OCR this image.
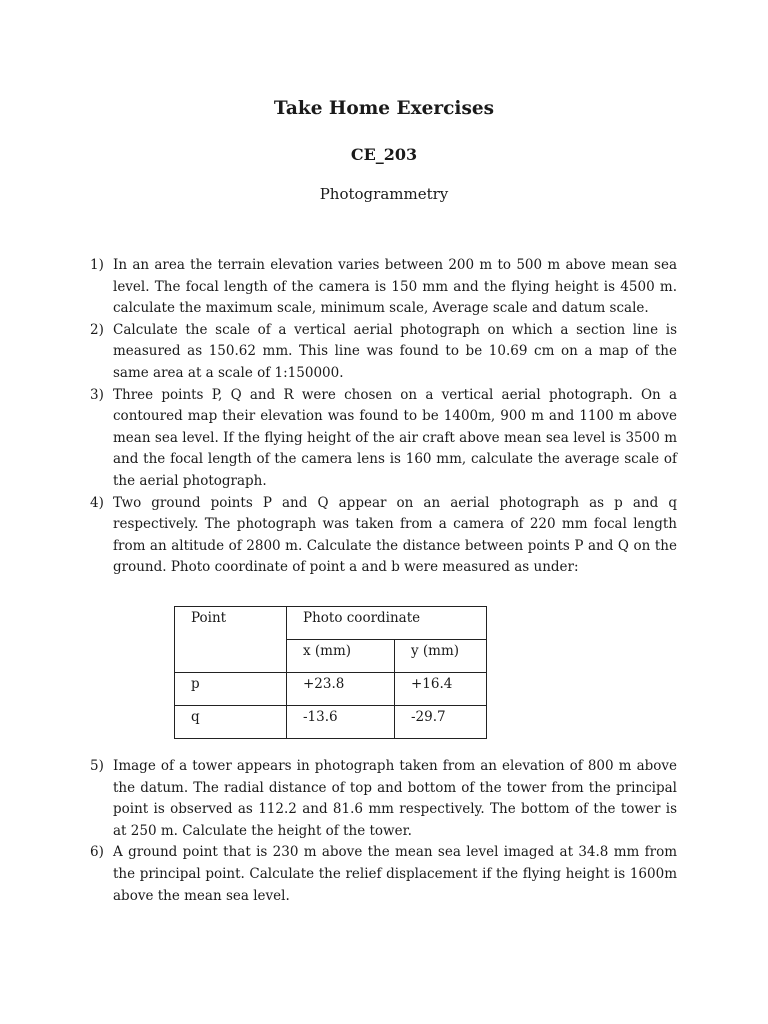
Take Home Exercises
CE_203
Photogrammetry
1) In an area the terrain elevation varies between 200 m to 500 m above mean sea level. The focal length of the camera is 150 mm and the flying height is 4500 m. calculate the maximum scale, minimum scale, Average scale and datum scale.
2) Calculate the scale of a vertical aerial photograph on which a section line is measured as 150.62 mm. This line was found to be 10.69 cm on a map of the same area at a scale of 1:150000.
3) Three points P, Q and R were chosen on a vertical aerial photograph. On a contoured map their elevation was found to be 1400m, 900 m and 1100 m above mean sea level. If the flying height of the air craft above mean sea level is 3500 m and the focal length of the camera lens is 160 mm, calculate the average scale of the aerial photograph.
4) Two ground points P and Q appear on an aerial photograph as p and q respectively. The photograph was taken from a camera of 220 mm focal length from an altitude of 2800 m. Calculate the distance between points P and Q on the ground. Photo coordinate of point a and b were measured as under:
Point	Photo coordinate	
	x (mm)	y (mm)
p	+23.8	+16.4
q	-13.6	-29.7
5) Image of a tower appears in photograph taken from an elevation of 800 m above the datum. The radial distance of top and bottom of the tower from the principal point is observed as 112.2 and 81.6 mm respectively. The bottom of the tower is at 250 m. Calculate the height of the tower.
6) A ground point that is 230 m above the mean sea level imaged at 34.8 mm from the principal point. Calculate the relief displacement if the flying height is 1600m above the mean sea level.
